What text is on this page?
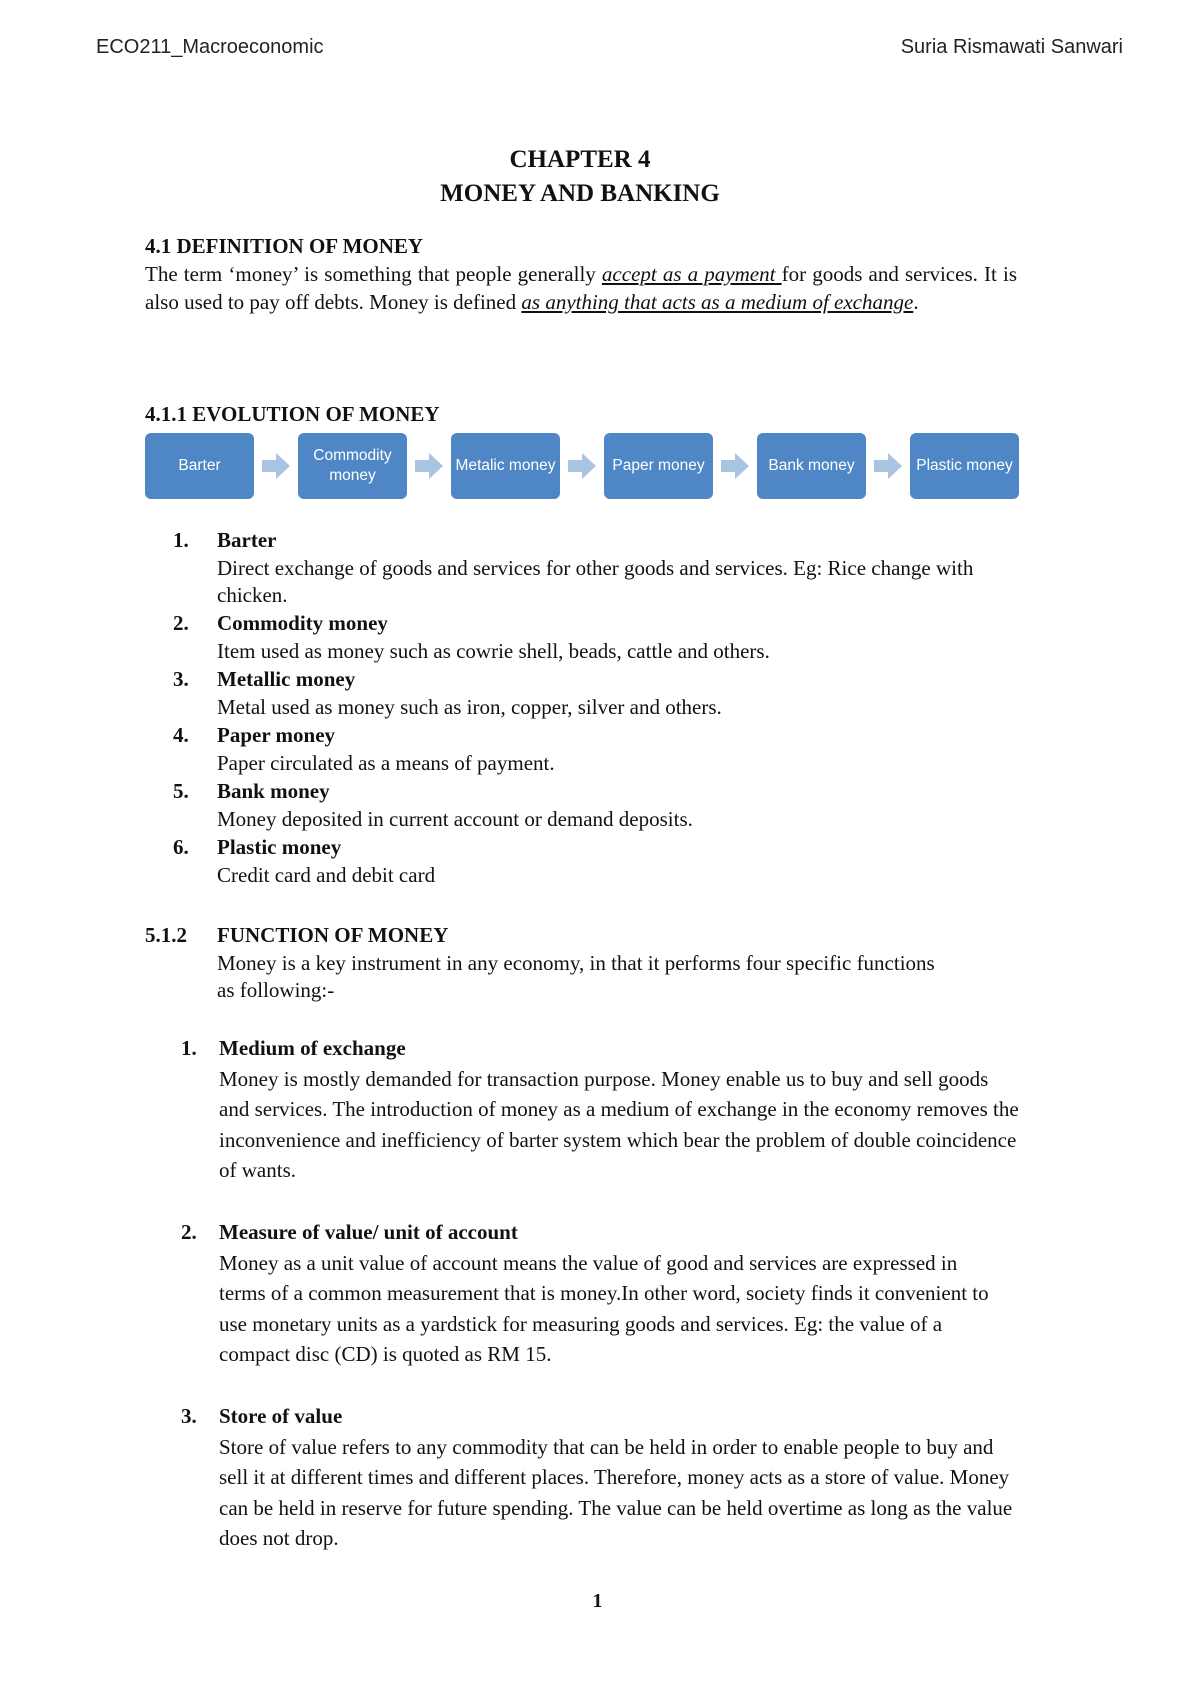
ECO211_Macroeconomic	Suria Rismawati Sanwari
CHAPTER 4
MONEY AND BANKING
4.1 DEFINITION OF MONEY
The term ‘money’ is something that people generally accept as a payment for goods and services. It is also used to pay off debts. Money is defined as anything that acts as a medium of exchange.
4.1.1 EVOLUTION OF MONEY
Barter
Commodity money
Metalic money	Paper money	Bank money	Plastic money
1. Barter
Direct exchange of goods and services for other goods and services. Eg: Rice change with chicken.
2. Commodity money
Item used as money such as cowrie shell, beads, cattle and others.
3. Metallic money
Metal used as money such as iron, copper, silver and others.
4. Paper money
Paper circulated as a means of payment.
5. Bank money
Money deposited in current account or demand deposits.
6. Plastic money
Credit card and debit card
5.1.2 FUNCTION OF MONEY
Money is a key instrument in any economy, in that it performs four specific functions as following:-
1. Medium of exchange
Money is mostly demanded for transaction purpose. Money enable us to buy and sell goods and services. The introduction of money as a medium of exchange in the economy removes the inconvenience and inefficiency of barter system which bear the problem of double coincidence of wants.
2. Measure of value/ unit of account
Money as a unit value of account means the value of good and services are expressed in terms of a common measurement that is money.In other word, society finds it convenient to use monetary units as a yardstick for measuring goods and services. Eg: the value of a compact disc (CD) is quoted as RM 15.
3. Store of value
Store of value refers to any commodity that can be held in order to enable people to buy and sell it at different times and different places. Therefore, money acts as a store of value. Money can be held in reserve for future spending. The value can be held overtime as long as the value does not drop.
1
